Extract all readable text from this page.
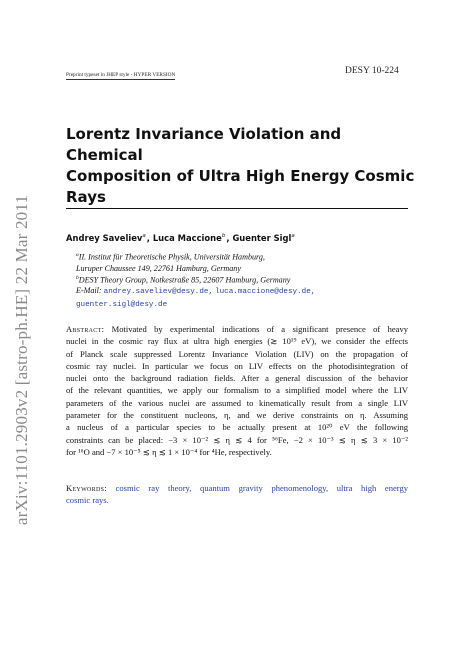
arXiv:1101.2903v2 [astro-ph.HE] 22 Mar 2011
Preprint typeset in JHEP style - HYPER VERSION	DESY 10-224
Lorentz Invariance Violation and Chemical
Composition of Ultra High Energy Cosmic
Rays
Andrey Saveliev$^a$, Luca Maccione$^b$, Guenter Sigl$^a$
$^a$II. Institut für Theoretische Physik, Universität Hamburg,
Luruper Chaussee 149, 22761 Hamburg, Germany
$^b$DESY Theory Group, Notkestraße 85, 22607 Hamburg, Germany
E-Mail: andrey.saveliev@desy.de, luca.maccione@desy.de,
guenter.sigl@desy.de
Abstract: Motivated by experimental indications of a significant presence of heavy
nuclei in the cosmic ray flux at ultra high energies (≳ 10¹⁹ eV), we consider the effects
of Planck scale suppressed Lorentz Invariance Violation (LIV) on the propagation of
cosmic ray nuclei. In particular we focus on LIV effects on the photodisintegration of
nuclei onto the background radiation fields. After a general discussion of the behavior
of the relevant quantities, we apply our formalism to a simplified model where the LIV
parameters of the various nuclei are assumed to kinematically result from a single LIV
parameter for the constituent nucleons, η, and we derive constraints on η. Assuming
a nucleus of a particular species to be actually present at 10²⁰ eV the following
constraints can be placed: −3 × 10⁻² ≲ η ≲ 4 for ⁵⁶Fe, −2 × 10⁻³ ≲ η ≲ 3 × 10⁻²
for ¹⁶O and −7 × 10⁻⁵ ≲ η ≲ 1 × 10⁻⁴ for ⁴He, respectively.
Keywords: cosmic ray theory, quantum gravity phenomenology, ultra high energy
cosmic rays.
